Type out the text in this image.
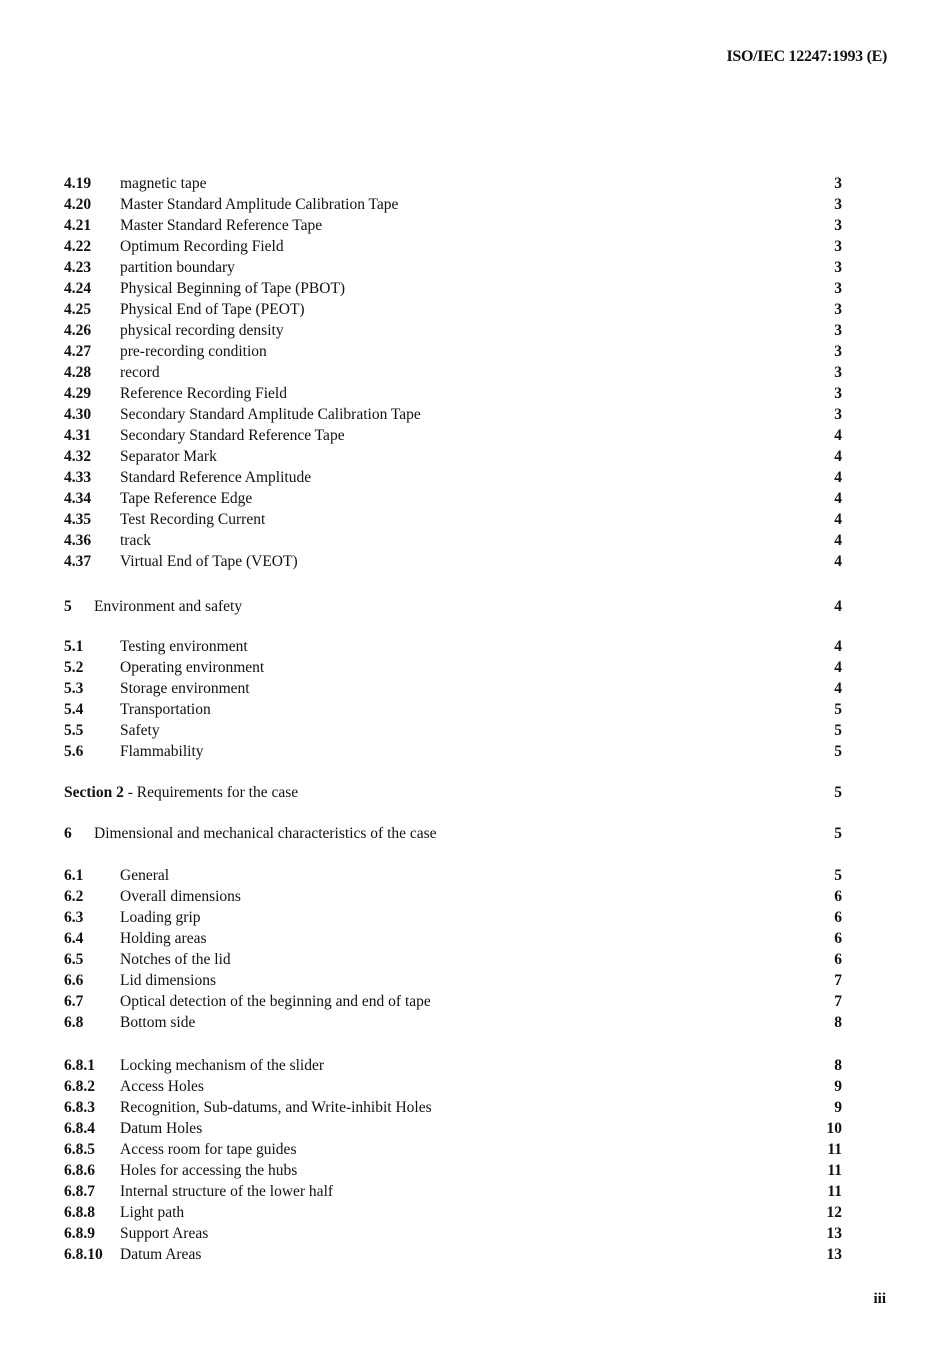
ISO/IEC 12247:1993 (E)
4.19 magnetic tape	3
4.20 Master Standard Amplitude Calibration Tape	3
4.21 Master Standard Reference Tape	3
4.22 Optimum Recording Field	3
4.23 partition boundary	3
4.24 Physical Beginning of Tape (PBOT)	3
4.25 Physical End of Tape (PEOT)	3
4.26 physical recording density	3
4.27 pre-recording condition	3
4.28 record	3
4.29 Reference Recording Field	3
4.30 Secondary Standard Amplitude Calibration Tape	3
4.31 Secondary Standard Reference Tape	4
4.32 Separator Mark	4
4.33 Standard Reference Amplitude	4
4.34 Tape Reference Edge	4
4.35 Test Recording Current	4
4.36 track	4
4.37 Virtual End of Tape (VEOT)	4
5 Environment and safety	4
5.1 Testing environment	4
5.2 Operating environment	4
5.3 Storage environment	4
5.4 Transportation	5
5.5 Safety	5
5.6 Flammability	5
Section 2 - Requirements for the case	5
6 Dimensional and mechanical characteristics of the case	5
6.1 General	5
6.2 Overall dimensions	6
6.3 Loading grip	6
6.4 Holding areas	6
6.5 Notches of the lid	6
6.6 Lid dimensions	7
6.7 Optical detection of the beginning and end of tape	7
6.8 Bottom side	8
6.8.1 Locking mechanism of the slider	8
6.8.2 Access Holes	9
6.8.3 Recognition, Sub-datums, and Write-inhibit Holes	9
6.8.4 Datum Holes	10
6.8.5 Access room for tape guides	11
6.8.6 Holes for accessing the hubs	11
6.8.7 Internal structure of the lower half	11
6.8.8 Light path	12
6.8.9 Support Areas	13
6.8.10 Datum Areas	13
iii
